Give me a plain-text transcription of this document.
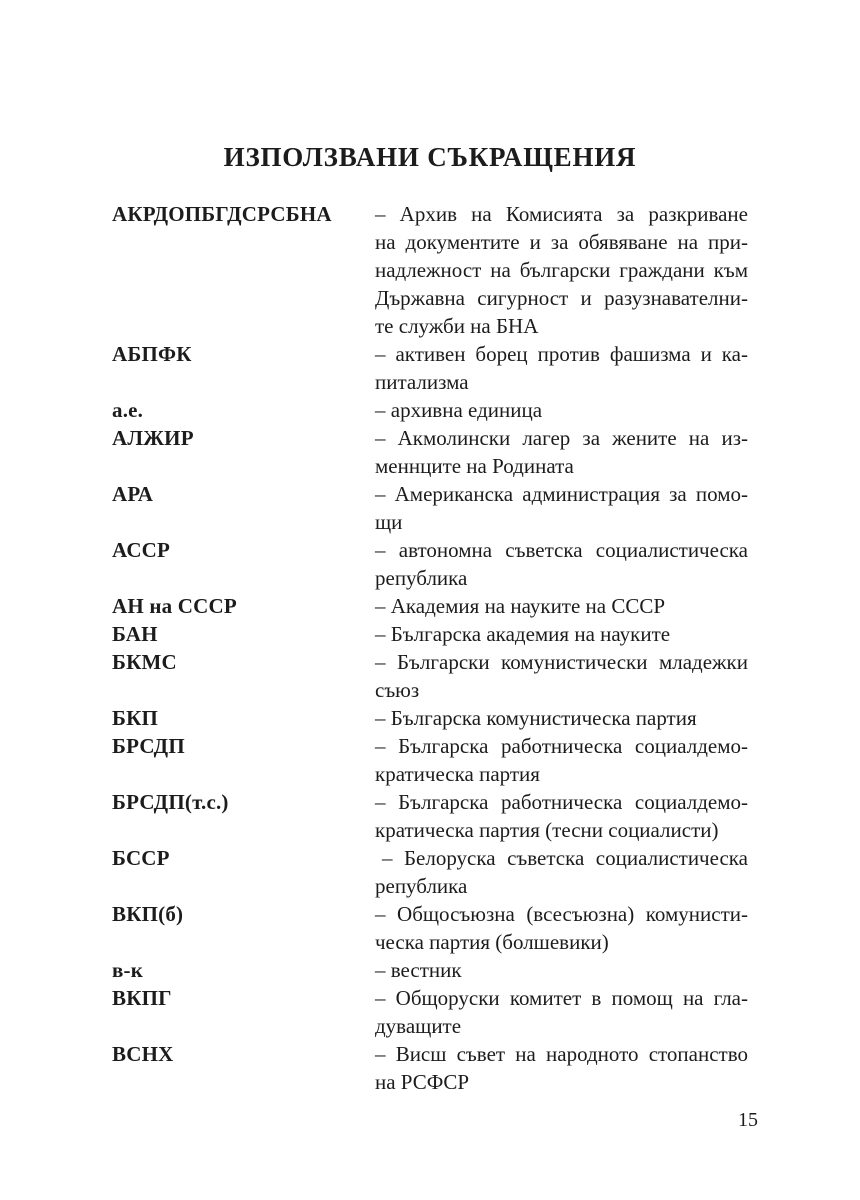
ИЗПОЛЗВАНИ СЪКРАЩЕНИЯ
АКРДОПБГДСРСБНА	– Архив на Комисията за разкриване
на документите и за обявяване на при-
надлежност на български граждани към
Държавна сигурност и разузнавателни-
те служби на БНА
АБПФК	– активен борец против фашизма и ка-
питализма
а.е.	– архивна единица
АЛЖИР	– Акмолински лагер за жените на из-
меннците на Родината
АРА	– Американска администрация за помо-
щи
АССР	– автономна съветска социалистическа
република
АН на СССР	– Академия на науките на СССР
БАН	– Българска академия на науките
БКМС	– Български комунистически младежки
съюз
БКП	– Българска комунистическа партия
БРСДП	– Българска работническа социалдемо-
кратическа партия
БРСДП(т.с.)	– Българска работническа социалдемо-
кратическа партия (тесни социалисти)
БССР	– Белоруска съветска социалистическа
република
ВКП(б)	– Общосъюзна (всесъюзна) комунисти-
ческа партия (болшевики)
в-к	– вестник
ВКПГ	– Общоруски комитет в помощ на гла-
дуващите
ВСНХ	– Висш съвет на народното стопанство
на РСФСР
15
